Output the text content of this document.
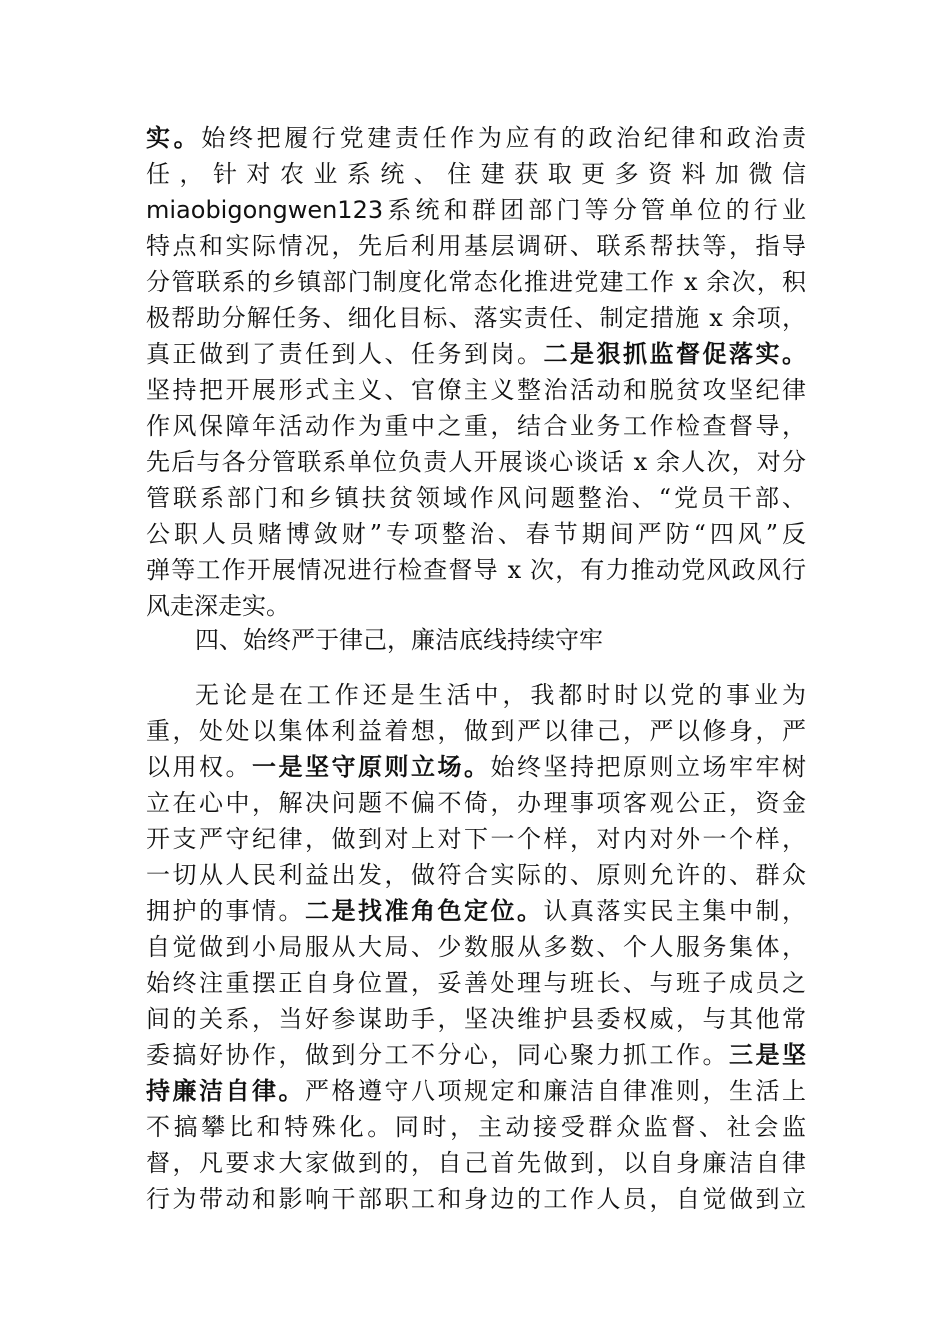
实。始终把履行党建责任作为应有的政治纪律和政治责
任，针对农业系统、住建获取更多资料加微信
miaobigongwen123系统和群团部门等分管单位的行业
特点和实际情况，先后利用基层调研、联系帮扶等，指导
分管联系的乡镇部门制度化常态化推进党建工作 x 余次，积
极帮助分解任务、细化目标、落实责任、制定措施 x 余项，
真正做到了责任到人、任务到岗。二是狠抓监督促落实。
坚持把开展形式主义、官僚主义整治活动和脱贫攻坚纪律
作风保障年活动作为重中之重，结合业务工作检查督导，
先后与各分管联系单位负责人开展谈心谈话 x 余人次，对分
管联系部门和乡镇扶贫领域作风问题整治、“党员干部、
公职人员赌博敛财”专项整治、春节期间严防“四风”反
弹等工作开展情况进行检查督导 x 次，有力推动党风政风行
风走深走实。
四、始终严于律己，廉洁底线持续守牢
无论是在工作还是生活中，我都时时以党的事业为
重，处处以集体利益着想，做到严以律己，严以修身，严
以用权。一是坚守原则立场。始终坚持把原则立场牢牢树
立在心中，解决问题不偏不倚，办理事项客观公正，资金
开支严守纪律，做到对上对下一个样，对内对外一个样，
一切从人民利益出发，做符合实际的、原则允许的、群众
拥护的事情。二是找准角色定位。认真落实民主集中制，
自觉做到小局服从大局、少数服从多数、个人服务集体，
始终注重摆正自身位置，妥善处理与班长、与班子成员之
间的关系，当好参谋助手，坚决维护县委权威，与其他常
委搞好协作，做到分工不分心，同心聚力抓工作。三是坚
持廉洁自律。严格遵守八项规定和廉洁自律准则，生活上
不搞攀比和特殊化。同时，主动接受群众监督、社会监
督，凡要求大家做到的，自己首先做到，以自身廉洁自律
行为带动和影响干部职工和身边的工作人员，自觉做到立
